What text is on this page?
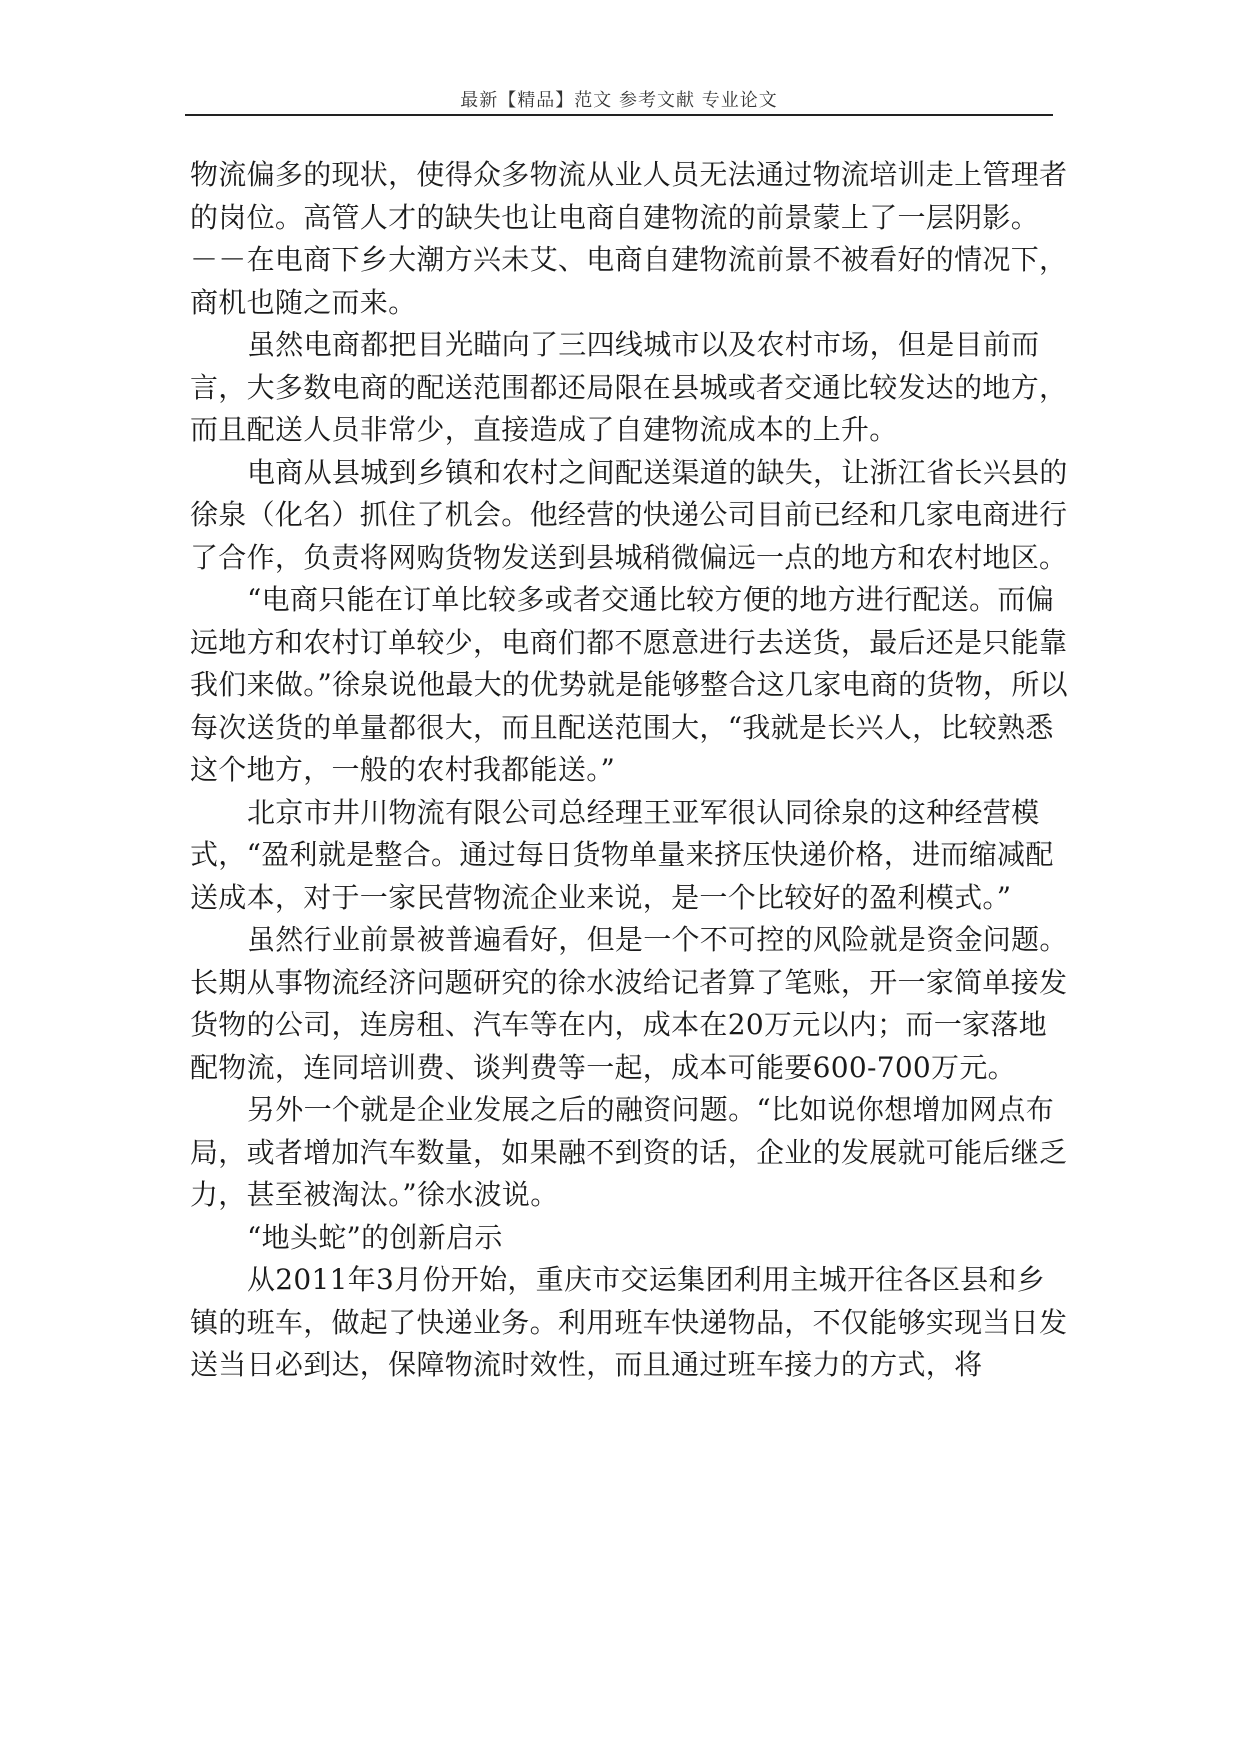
最新【精品】范文 参考文献 专业论文

物流偏多的现状，使得众多物流从业人员无法通过物流培训走上管理者的岗位。高管人才的缺失也让电商自建物流的前景蒙上了一层阴影。　　　　－－在电商下乡大潮方兴未艾、电商自建物流前景不被看好的情况下，商机也随之而来。

虽然电商都把目光瞄向了三四线城市以及农村市场，但是目前而言，大多数电商的配送范围都还局限在县城或者交通比较发达的地方，而且配送人员非常少，直接造成了自建物流成本的上升。

电商从县城到乡镇和农村之间配送渠道的缺失，让浙江省长兴县的徐泉（化名）抓住了机会。他经营的快递公司目前已经和几家电商进行了合作，负责将网购货物发送到县城稍微偏远一点的地方和农村地区。

“电商只能在订单比较多或者交通比较方便的地方进行配送。而偏远地方和农村订单较少，电商们都不愿意进行去送货，最后还是只能靠我们来做。”徐泉说他最大的优势就是能够整合这几家电商的货物，所以每次送货的单量都很大，而且配送范围大，“我就是长兴人，比较熟悉这个地方，一般的农村我都能送。”

北京市井川物流有限公司总经理王亚军很认同徐泉的这种经营模式，“盈利就是整合。通过每日货物单量来挤压快递价格，进而缩减配送成本，对于一家民营物流企业来说，是一个比较好的盈利模式。”

虽然行业前景被普遍看好，但是一个不可控的风险就是资金问题。长期从事物流经济问题研究的徐水波给记者算了笔账，开一家简单接发货物的公司，连房租、汽车等在内，成本在20万元以内；而一家落地配物流，连同培训费、谈判费等一起，成本可能要600-700万元。

另外一个就是企业发展之后的融资问题。“比如说你想增加网点布局，或者增加汽车数量，如果融不到资的话，企业的发展就可能后继乏力，甚至被淘汰。”徐水波说。

“地头蛇”的创新启示

从2011年3月份开始，重庆市交运集团利用主城开往各区县和乡镇的班车，做起了快递业务。利用班车快递物品，不仅能够实现当日发送当日必到达，保障物流时效性，而且通过班车接力的方式，将
